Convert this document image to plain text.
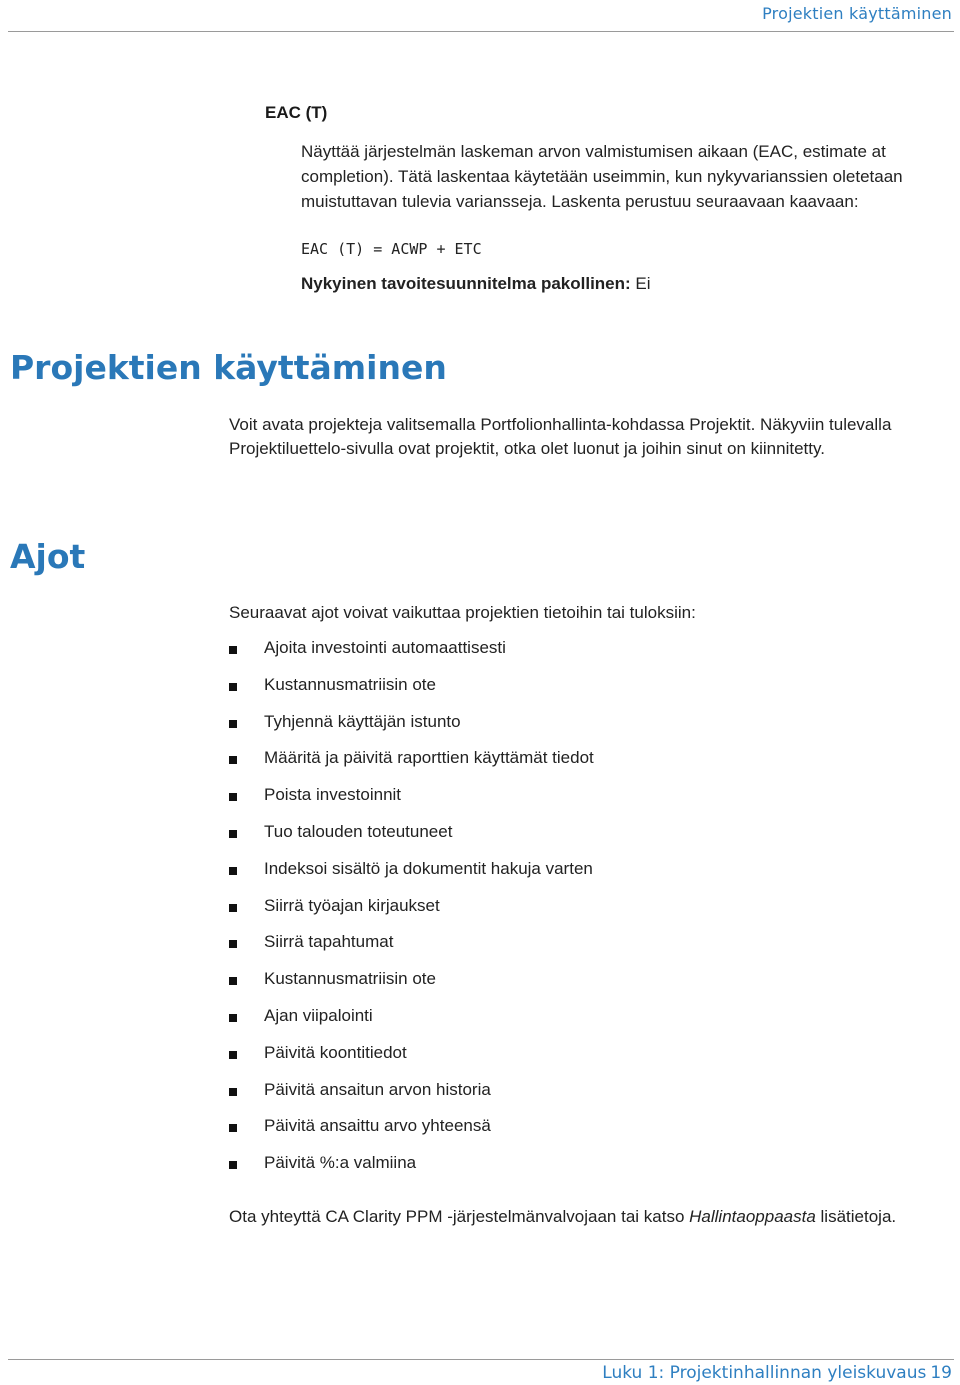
Projektien käyttäminen
EAC (T)
Näyttää järjestelmän laskeman arvon valmistumisen aikaan (EAC, estimate at completion). Tätä laskentaa käytetään useimmin, kun nykyvarianssien oletetaan muistuttavan tulevia variansseja. Laskenta perustuu seuraavaan kaavaan:
EAC (T) = ACWP + ETC
Nykyinen tavoitesuunnitelma pakollinen: Ei
Projektien käyttäminen
Voit avata projekteja valitsemalla Portfolionhallinta-kohdassa Projektit. Näkyviin tulevalla Projektiluettelo-sivulla ovat projektit, otka olet luonut ja joihin sinut on kiinnitetty.
Ajot
Seuraavat ajot voivat vaikuttaa projektien tietoihin tai tuloksiin:
Ajoita investointi automaattisesti
Kustannusmatriisin ote
Tyhjennä käyttäjän istunto
Määritä ja päivitä raporttien käyttämät tiedot
Poista investoinnit
Tuo talouden toteutuneet
Indeksoi sisältö ja dokumentit hakuja varten
Siirrä työajan kirjaukset
Siirrä tapahtumat
Kustannusmatriisin ote
Ajan viipalointi
Päivitä koontitiedot
Päivitä ansaitun arvon historia
Päivitä ansaittu arvo yhteensä
Päivitä %:a valmiina
Ota yhteyttä CA Clarity PPM -järjestelmänvalvojaan tai katso Hallintaoppaasta lisätietoja.
Luku 1: Projektinhallinnan yleiskuvaus 19
